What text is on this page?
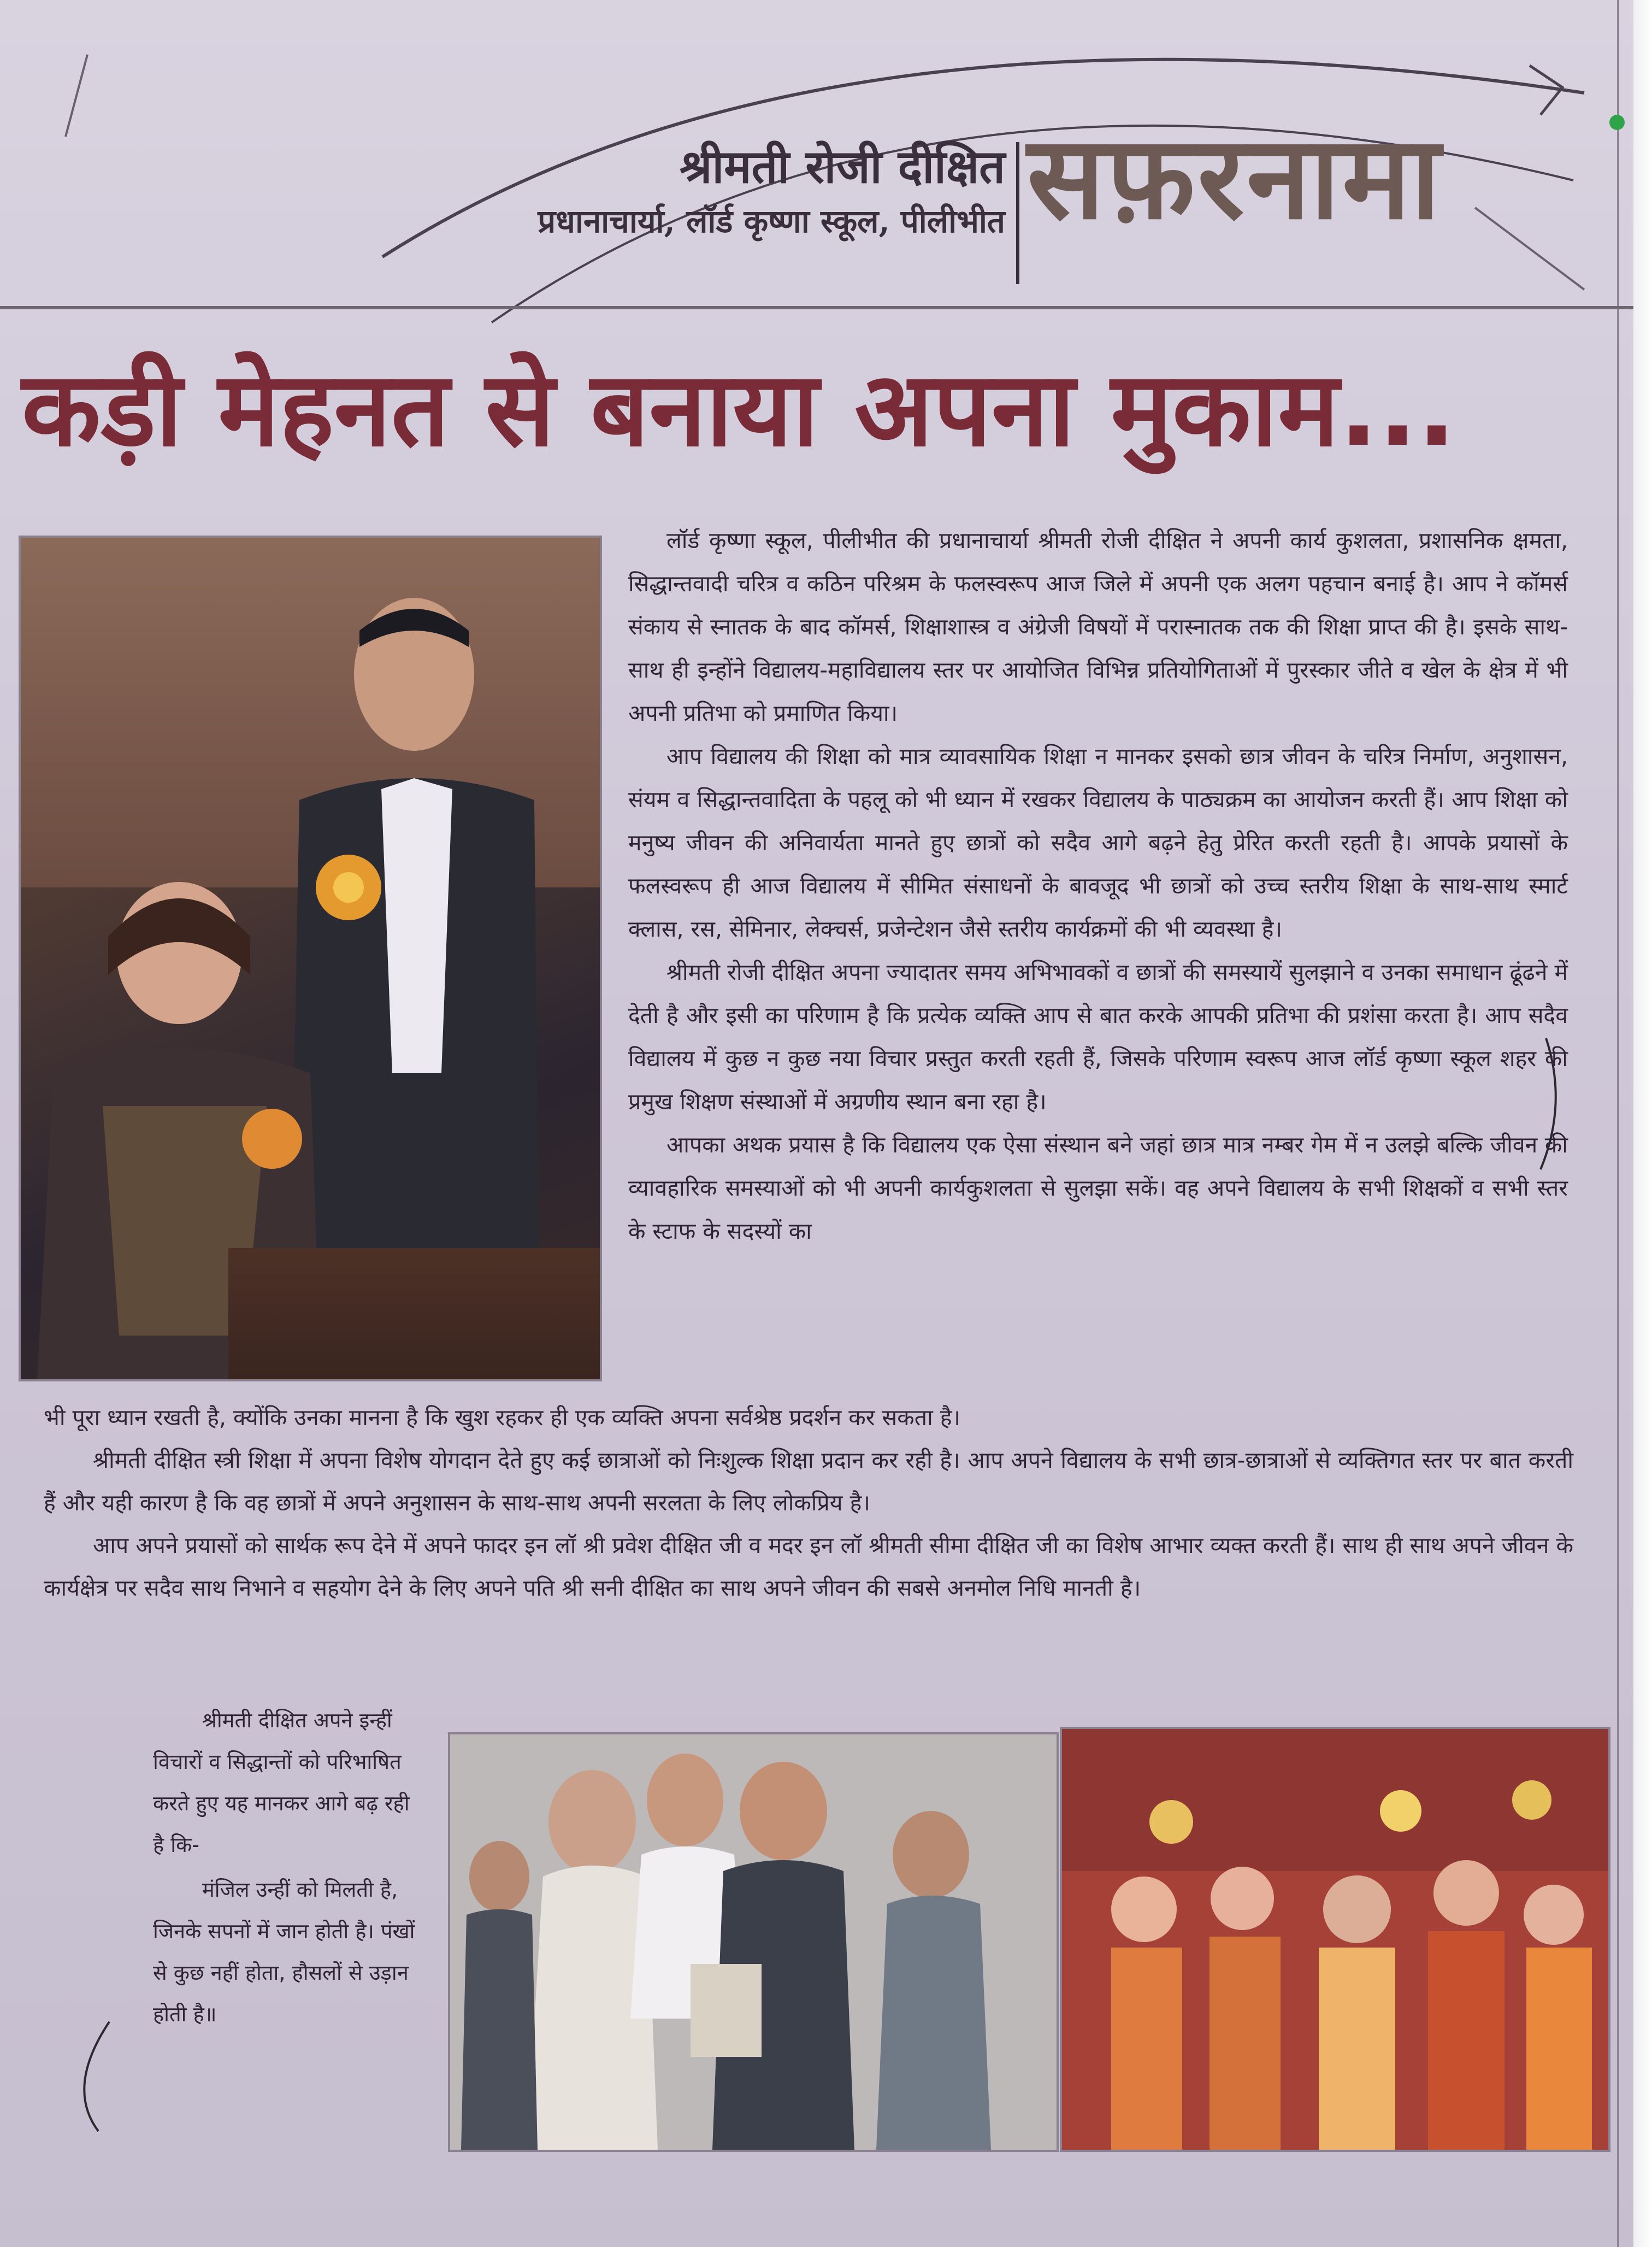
श्रीमती रोजी दीक्षित
प्रधानाचार्या, लॉर्ड कृष्णा स्कूल, पीलीभीत सफ़रनामा
कड़ी मेहनत से बनाया अपना मुकाम...

लॉर्ड कृष्णा स्कूल, पीलीभीत की प्रधानाचार्या श्रीमती रोजी दीक्षित ने अपनी कार्य कुशलता, प्रशासनिक क्षमता, सिद्धान्तवादी चरित्र व कठिन परिश्रम के फलस्वरूप आज जिले में अपनी एक अलग पहचान बनाई है। आप ने कॉमर्स संकाय से स्नातक के बाद कॉमर्स, शिक्षाशास्त्र व अंग्रेजी विषयों में परास्नातक तक की शिक्षा प्राप्त की है। इसके साथ-साथ ही इन्होंने विद्यालय-महाविद्यालय स्तर पर आयोजित विभिन्न प्रतियोगिताओं में पुरस्कार जीते व खेल के क्षेत्र में भी अपनी प्रतिभा को प्रमाणित किया।

आप विद्यालय की शिक्षा को मात्र व्यावसायिक शिक्षा न मानकर इसको छात्र जीवन के चरित्र निर्माण, अनुशासन, संयम व सिद्धान्तवादिता के पहलू को भी ध्यान में रखकर विद्यालय के पाठ्यक्रम का आयोजन करती हैं। आप शिक्षा को मनुष्य जीवन की अनिवार्यता मानते हुए छात्रों को सदैव आगे बढ़ने हेतु प्रेरित करती रहती है। आपके प्रयासों के फलस्वरूप ही आज विद्यालय में सीमित संसाधनों के बावजूद भी छात्रों को उच्च स्तरीय शिक्षा के साथ-साथ स्मार्ट क्लास, रस, सेमिनार, लेक्चर्स, प्रजेन्टेशन जैसे स्तरीय कार्यक्रमों की भी व्यवस्था है।

श्रीमती रोजी दीक्षित अपना ज्यादातर समय अभिभावकों व छात्रों की समस्यायें सुलझाने व उनका समाधान ढूंढने में देती है और इसी का परिणाम है कि प्रत्येक व्यक्ति आप से बात करके आपकी प्रतिभा की प्रशंसा करता है। आप सदैव विद्यालय में कुछ न कुछ नया विचार प्रस्तुत करती रहती हैं, जिसके परिणाम स्वरूप आज लॉर्ड कृष्णा स्कूल शहर की प्रमुख शिक्षण संस्थाओं में अग्रणीय स्थान बना रहा है।

आपका अथक प्रयास है कि विद्यालय एक ऐसा संस्थान बने जहां छात्र मात्र नम्बर गेम में न उलझे बल्कि जीवन की व्यावहारिक समस्याओं को भी अपनी कार्यकुशलता से सुलझा सकें। वह अपने विद्यालय के सभी शिक्षकों व सभी स्तर के स्टाफ के सदस्यों का

भी पूरा ध्यान रखती है, क्योंकि उनका मानना है कि खुश रहकर ही एक व्यक्ति अपना सर्वश्रेष्ठ प्रदर्शन कर सकता है।

श्रीमती दीक्षित स्त्री शिक्षा में अपना विशेष योगदान देते हुए कई छात्राओं को निःशुल्क शिक्षा प्रदान कर रही है। आप अपने विद्यालय के सभी छात्र-छात्राओं से व्यक्तिगत स्तर पर बात करती हैं और यही कारण है कि वह छात्रों में अपने अनुशासन के साथ-साथ अपनी सरलता के लिए लोकप्रिय है।

आप अपने प्रयासों को सार्थक रूप देने में अपने फादर इन लॉ श्री प्रवेश दीक्षित जी व मदर इन लॉ श्रीमती सीमा दीक्षित जी का विशेष आभार व्यक्त करती हैं। साथ ही साथ अपने जीवन के कार्यक्षेत्र पर सदैव साथ निभाने व सहयोग देने के लिए अपने पति श्री सनी दीक्षित का साथ अपने जीवन की सबसे अनमोल निधि मानती है।

श्रीमती दीक्षित अपने इन्हीं विचारों व सिद्धान्तों को परिभाषित करते हुए यह मानकर आगे बढ़ रही है कि-

मंजिल उन्हीं को मिलती है, जिनके सपनों में जान होती है। पंखों से कुछ नहीं होता, हौसलों से उड़ान होती है॥
